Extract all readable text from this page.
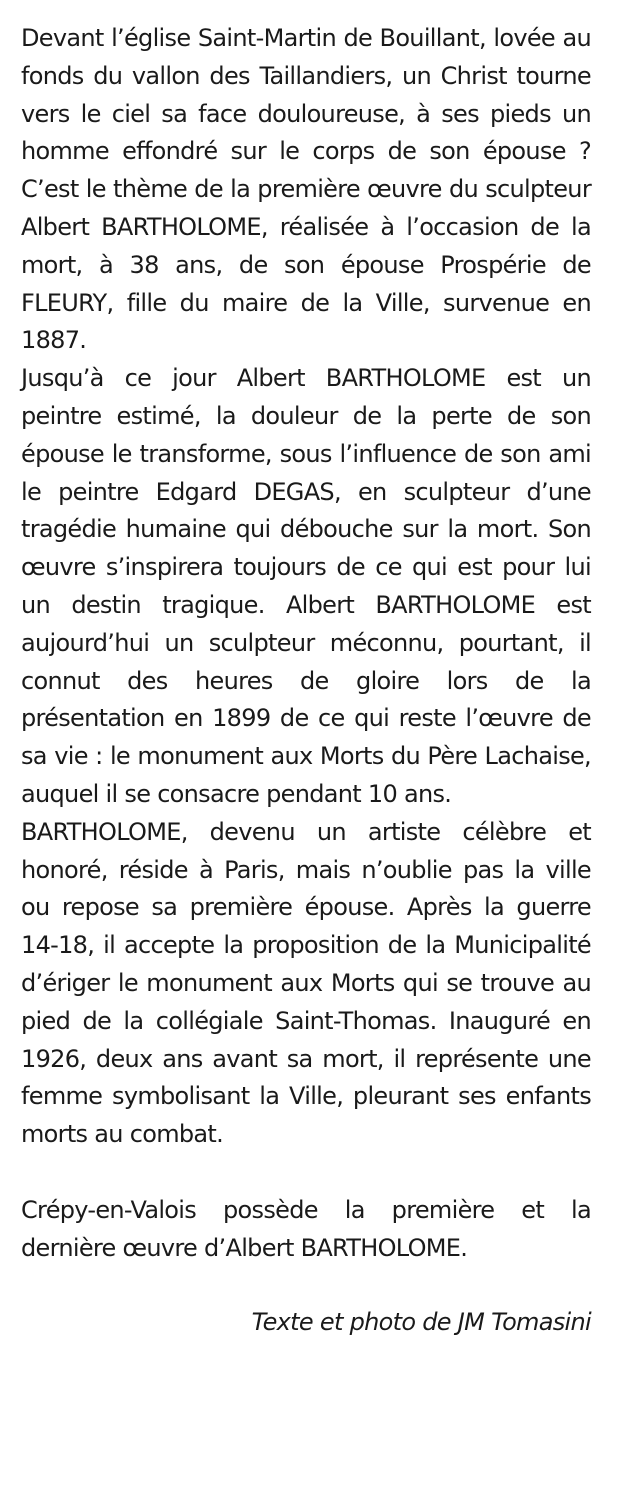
Devant l’église Saint-Martin de Bouillant, lovée au fonds du vallon des Taillandiers, un Christ tourne vers le ciel sa face douloureuse, à ses pieds un homme effondré sur le corps de son épouse ? C’est le thème de la première œuvre du sculpteur Albert BARTHOLOME, réalisée à l’occasion de la mort, à 38 ans, de son épouse Prospérie de FLEURY, fille du maire de la Ville, survenue en 1887.

Jusqu’à ce jour Albert BARTHOLOME est un peintre estimé, la douleur de la perte de son épouse le transforme, sous l’influence de son ami le peintre Edgard DEGAS, en sculpteur d’une tragédie humaine qui débouche sur la mort. Son œuvre s’inspirera toujours de ce qui est pour lui un destin tragique. Albert BARTHOLOME est aujourd’hui un sculpteur méconnu, pourtant, il connut des heures de gloire lors de la présentation en 1899 de ce qui reste l’œuvre de sa vie : le monument aux Morts du Père Lachaise, auquel il se consacre pendant 10 ans.

BARTHOLOME, devenu un artiste célèbre et honoré, réside à Paris, mais n’oublie pas la ville ou repose sa première épouse. Après la guerre 14-18, il accepte la proposition de la Municipalité d’ériger le monument aux Morts qui se trouve au pied de la collégiale Saint-Thomas. Inauguré en 1926, deux ans avant sa mort, il représente une femme symbolisant la Ville, pleurant ses enfants morts au combat.

Crépy-en-Valois possède la première et la dernière œuvre d’Albert BARTHOLOME.

Texte et photo de JM Tomasini
